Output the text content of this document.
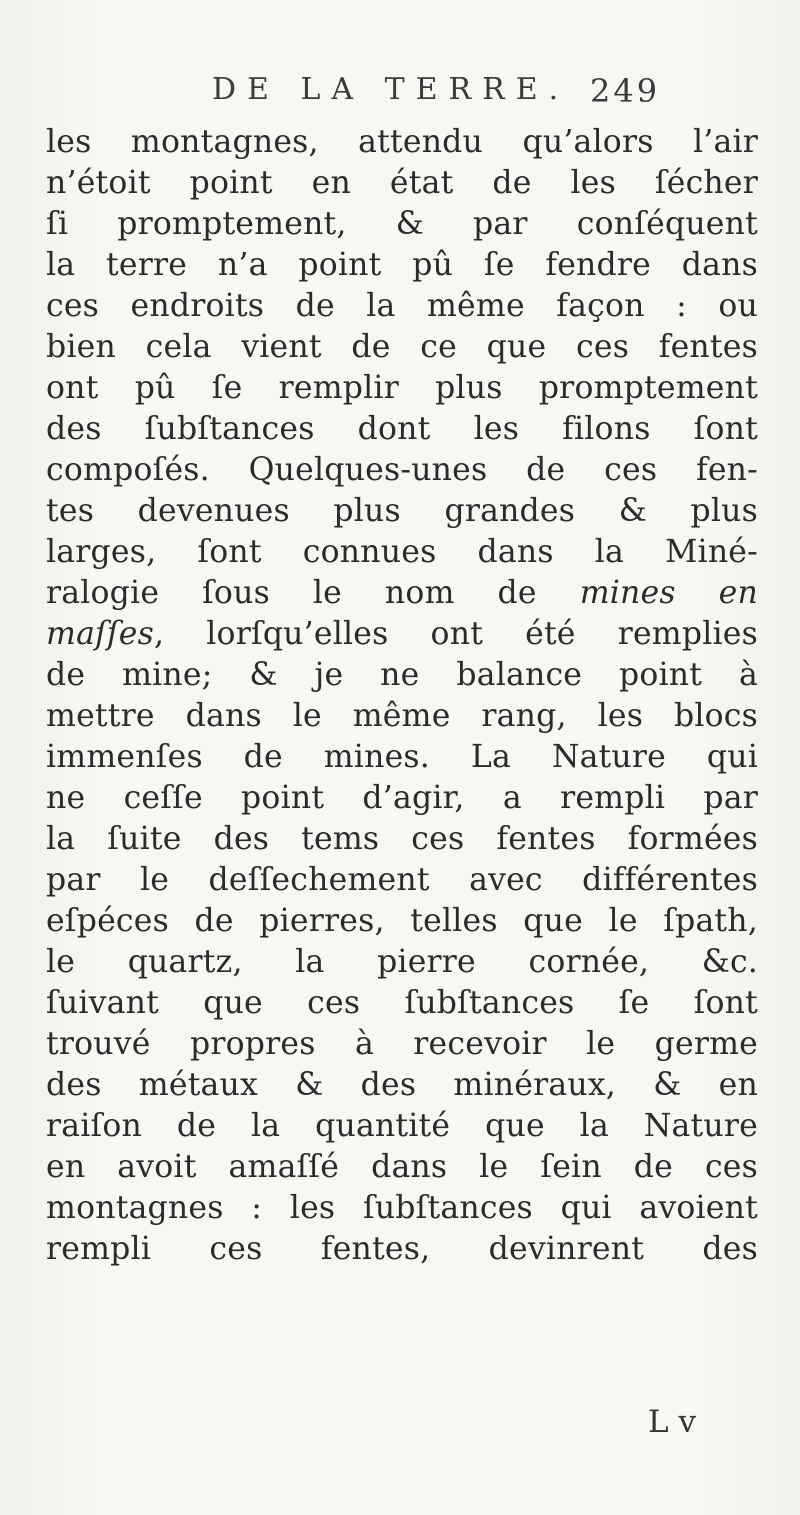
DE LA TERRE. 249
les montagnes, attendu qu’alors l’air
n’étoit point en état de les ſécher
ſi promptement, & par conſéquent
la terre n’a point pû ſe fendre dans
ces endroits de la même façon : ou
bien cela vient de ce que ces fentes
ont pû ſe remplir plus promptement
des ſubſtances dont les filons ſont
compoſés. Quelques-unes de ces fen-
tes devenues plus grandes & plus
larges, ſont connues dans la Miné-
ralogie ſous le nom de mines en
maſſes, lorſqu’elles ont été remplies
de mine; & je ne balance point à
mettre dans le même rang, les blocs
immenſes de mines. La Nature qui
ne ceſſe point d’agir, a rempli par
la ſuite des tems ces fentes formées
par le deſſechement avec différentes
eſpéces de pierres, telles que le ſpath,
le quartz, la pierre cornée, &c.
ſuivant que ces ſubſtances ſe ſont
trouvé propres à recevoir le germe
des métaux & des minéraux, & en
raiſon de la quantité que la Nature
en avoit amaſſé dans le ſein de ces
montagnes : les ſubſtances qui avoient
rempli ces fentes, devinrent des
L v
